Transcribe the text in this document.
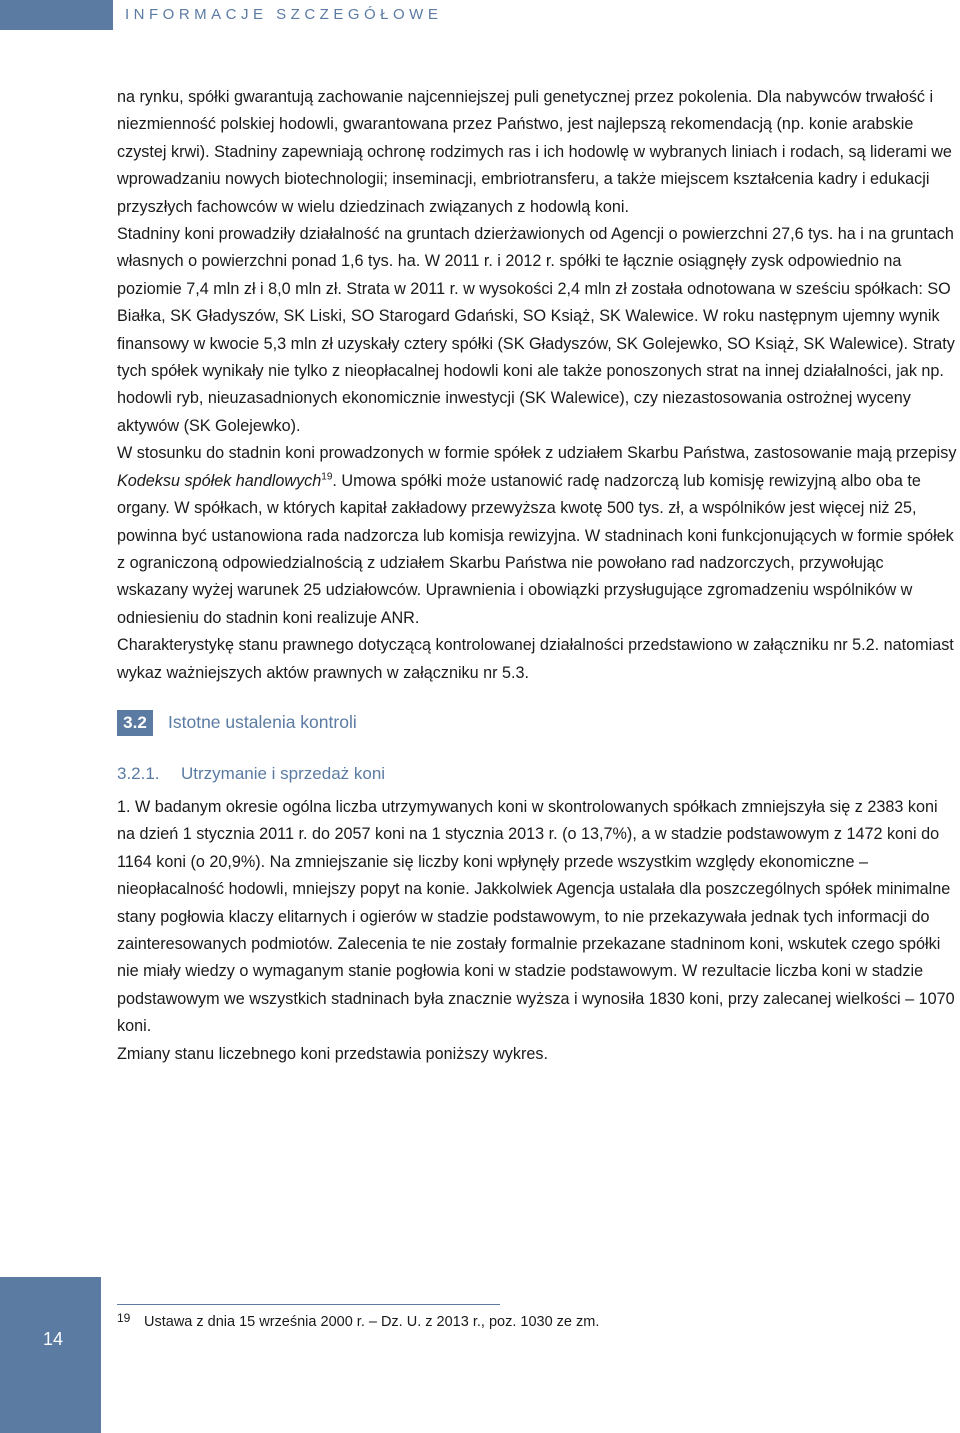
INFORMACJE SZCZEGÓŁOWE

na rynku, spółki gwarantują zachowanie najcenniejszej puli genetycznej przez pokolenia. Dla nabywców trwałość i niezmienność polskiej hodowli, gwarantowana przez Państwo, jest najlepszą rekomendacją (np. konie arabskie czystej krwi). Stadniny zapewniają ochronę rodzimych ras i ich hodowlę w wybranych liniach i rodach, są liderami we wprowadzaniu nowych biotechnologii; inseminacji, embriotransferu, a także miejscem kształcenia kadry i edukacji przyszłych fachowców w wielu dziedzinach związanych z hodowlą koni.

Stadniny koni prowadziły działalność na gruntach dzierżawionych od Agencji o powierzchni 27,6 tys. ha i na gruntach własnych o powierzchni ponad 1,6 tys. ha. W 2011 r. i 2012 r. spółki te łącznie osiągnęły zysk odpowiednio na poziomie 7,4 mln zł i 8,0 mln zł. Strata w 2011 r. w wysokości 2,4 mln zł została odnotowana w sześciu spółkach: SO Białka, SK Gładyszów, SK Liski, SO Starogard Gdański, SO Książ, SK Walewice. W roku następnym ujemny wynik finansowy w kwocie 5,3 mln zł uzyskały cztery spółki (SK Gładyszów, SK Golejewko, SO Książ, SK Walewice). Straty tych spółek wynikały nie tylko z nieopłacalnej hodowli koni ale także ponoszonych strat na innej działalności, jak np. hodowli ryb, nieuzasadnionych ekonomicznie inwestycji (SK Walewice), czy niezastosowania ostrożnej wyceny aktywów (SK Golejewko).

W stosunku do stadnin koni prowadzonych w formie spółek z udziałem Skarbu Państwa, zastosowanie mają przepisy Kodeksu spółek handlowych$^{19}$. Umowa spółki może ustanowić radę nadzorczą lub komisję rewizyjną albo oba te organy. W spółkach, w których kapitał zakładowy przewyższa kwotę 500 tys. zł, a wspólników jest więcej niż 25, powinna być ustanowiona rada nadzorcza lub komisja rewizyjna. W stadninach koni funkcjonujących w formie spółek z ograniczoną odpowiedzialnością z udziałem Skarbu Państwa nie powołano rad nadzorczych, przywołując wskazany wyżej warunek 25 udziałowców. Uprawnienia i obowiązki przysługujące zgromadzeniu wspólników w odniesieniu do stadnin koni realizuje ANR.

Charakterystykę stanu prawnego dotyczącą kontrolowanej działalności przedstawiono w załączniku nr 5.2. natomiast wykaz ważniejszych aktów prawnych w załączniku nr 5.3.

3.2	Istotne ustalenia kontroli
3.2.1.	Utrzymanie i sprzedaż koni

1. W badanym okresie ogólna liczba utrzymywanych koni w skontrolowanych spółkach zmniejszyła się z 2383 koni na dzień 1 stycznia 2011 r. do 2057 koni na 1 stycznia 2013 r. (o 13,7%), a w stadzie podstawowym z 1472 koni do 1164 koni (o 20,9%). Na zmniejszanie się liczby koni wpłynęły przede wszystkim względy ekonomiczne – nieopłacalność hodowli, mniejszy popyt na konie. Jakkolwiek Agencja ustalała dla poszczególnych spółek minimalne stany pogłowia klaczy elitarnych i ogierów w stadzie podstawowym, to nie przekazywała jednak tych informacji do zainteresowanych podmiotów. Zalecenia te nie zostały formalnie przekazane stadninom koni, wskutek czego spółki nie miały wiedzy o wymaganym stanie pogłowia koni w stadzie podstawowym. W rezultacie liczba koni w stadzie podstawowym we wszystkich stadninach była znacznie wyższa i wynosiła 1830 koni, przy zalecanej wielkości – 1070 koni.

Zmiany stanu liczebnego koni przedstawia poniższy wykres.

14
19 Ustawa z dnia 15 września 2000 r. – Dz. U. z 2013 r., poz. 1030 ze zm.
